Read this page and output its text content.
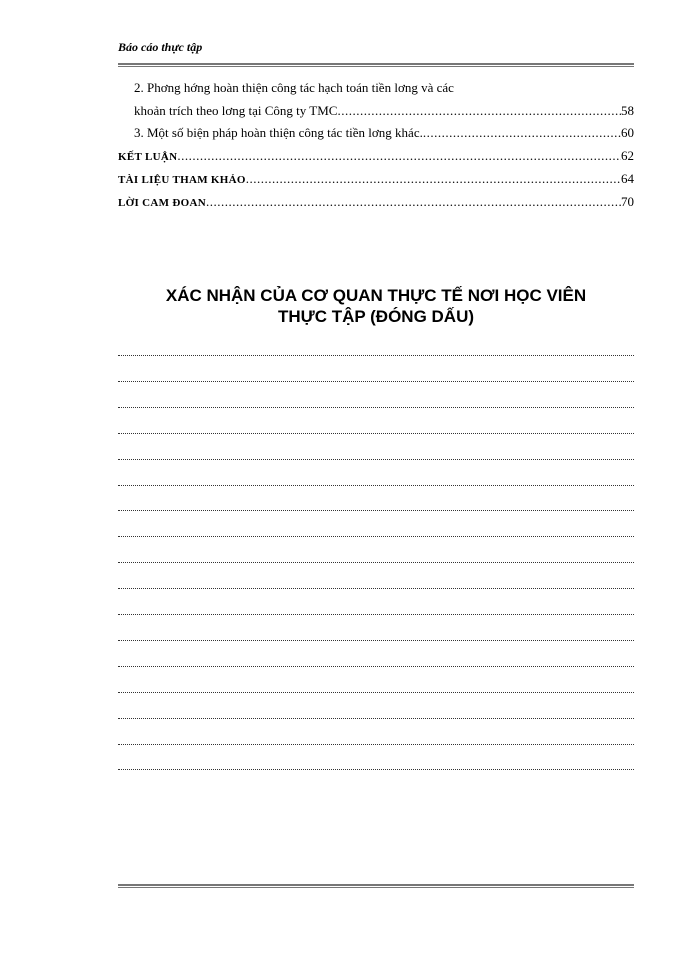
Báo cáo thực tập
2. Phơng hớng hoàn thiện công tác hạch toán tiền lơng và các
khoản trích theo lơng tại Công ty TMC .....	58
3. Một số biện pháp hoàn thiện công tác tiền lơng khác. .....	60
KẾT LUẬN .....	62
TÀI LIỆU THAM KHẢO .....	64
LỜI CAM ĐOAN .....	70
XÁC NHẬN CỦA CƠ QUAN THỰC TẾ NƠI HỌC VIÊN
THỰC TẬP (ĐÓNG DẤU)
